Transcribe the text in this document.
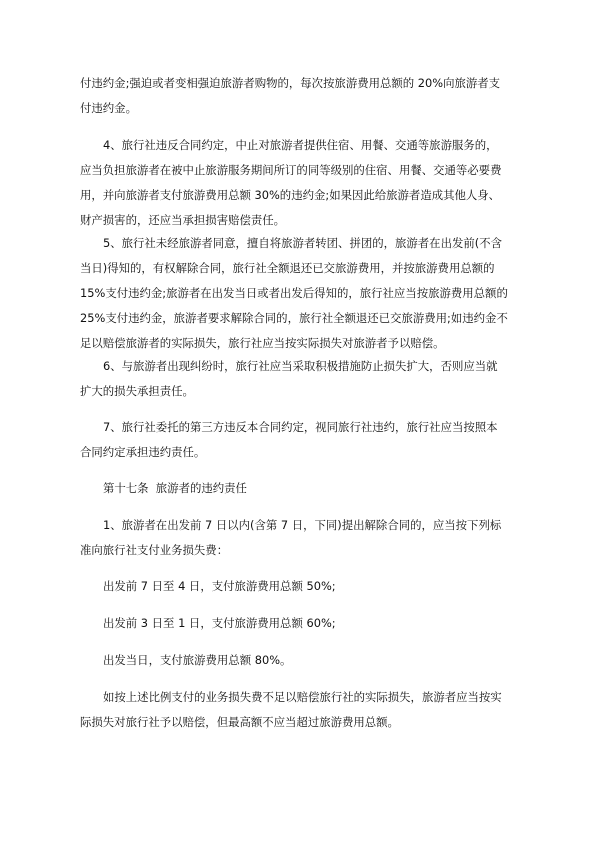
付违约金;强迫或者变相强迫旅游者购物的，每次按旅游费用总额的 20%向旅游者支
付违约金。
4、旅行社违反合同约定，中止对旅游者提供住宿、用餐、交通等旅游服务的，
应当负担旅游者在被中止旅游服务期间所订的同等级别的住宿、用餐、交通等必要费
用，并向旅游者支付旅游费用总额 30%的违约金;如果因此给旅游者造成其他人身、
财产损害的，还应当承担损害赔偿责任。
5、旅行社未经旅游者同意，擅自将旅游者转团、拼团的，旅游者在出发前(不含
当日)得知的，有权解除合同，旅行社全额退还已交旅游费用，并按旅游费用总额的
15%支付违约金;旅游者在出发当日或者出发后得知的，旅行社应当按旅游费用总额的
25%支付违约金，旅游者要求解除合同的，旅行社全额退还已交旅游费用;如违约金不
足以赔偿旅游者的实际损失，旅行社应当按实际损失对旅游者予以赔偿。
6、与旅游者出现纠纷时，旅行社应当采取积极措施防止损失扩大，否则应当就
扩大的损失承担责任。
7、旅行社委托的第三方违反本合同约定，视同旅行社违约，旅行社应当按照本
合同约定承担违约责任。
第十七条  旅游者的违约责任
1、旅游者在出发前 7 日以内(含第 7 日，下同)提出解除合同的，应当按下列标
准向旅行社支付业务损失费：
出发前 7 日至 4 日，支付旅游费用总额 50%;
出发前 3 日至 1 日，支付旅游费用总额 60%;
出发当日，支付旅游费用总额 80%。
如按上述比例支付的业务损失费不足以赔偿旅行社的实际损失，旅游者应当按实
际损失对旅行社予以赔偿，但最高额不应当超过旅游费用总额。
